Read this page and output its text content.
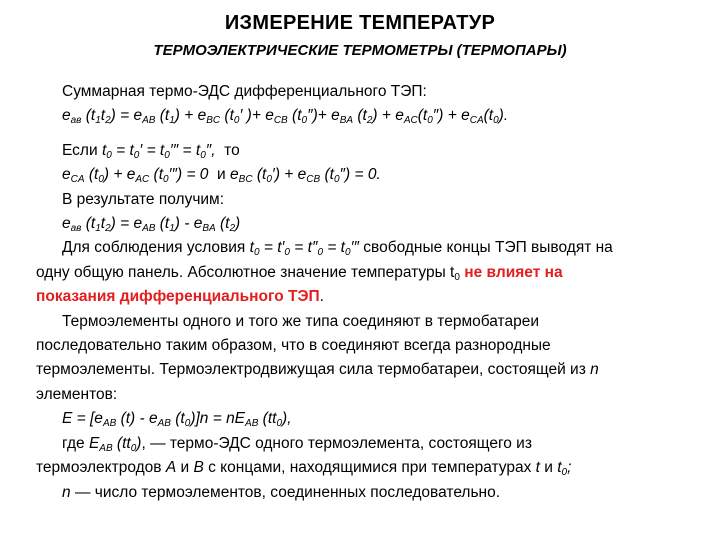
ИЗМЕРЕНИЕ ТЕМПЕРАТУР
ТЕРМОЭЛЕКТРИЧЕСКИЕ ТЕРМОМЕТРЫ (ТЕРМОПАРЫ)
Суммарная термо-ЭДС дифференциального ТЭП:
$e_{ав}$ $(t_1t_2) = e_{AB}$ $(t_1) + e_{BC}$ ($t_0'$ )+ $e_{CB}$ $(t_0'')+ e_{BA}$ $(t_2) + e_{AC}(t_0'') + e_{CA}(t_0)$.
Если $t_0 = t_0' = t_0''' = t_0''$, то
$e_{CA}$ $(t_0) + e_{AC}$ $(t_0''') = 0$ и $e_{BC}$ $(t_0') + e_{CB}$ $(t_0'') = 0$.
В результате получим:
$e_{ав}$ $(t_1t_2) = e_{AB}$ $(t_1) - e_{BA}$ $(t_2)$
Для соблюдения условия $t_0 = t'_0 = t''_0 = t_0'''$ свободные концы ТЭП выводят на
одну общую панель. Абсолютное значение температуры $t_0$ не влияет на
показания дифференциального ТЭП.
Термоэлементы одного и того же типа соединяют в термобатареи
последовательно таким образом, что в соединяют всегда разнородные
термоэлементы. Термоэлектродвижущая сила термобатареи, состоящей из n
элементов:
$E = [e_{AB}$ $(t) - e_{AB}$ $(t_0)]n = nE_{AB}$ $(tt_0)$,
где $E_{AB}$ $(tt_0)$, — термо-ЭДС одного термоэлемента, состоящего из
термоэлектродов А и В с концами, находящимися при температурах t и $t_0$;
n — число термоэлементов, соединенных последовательно.
